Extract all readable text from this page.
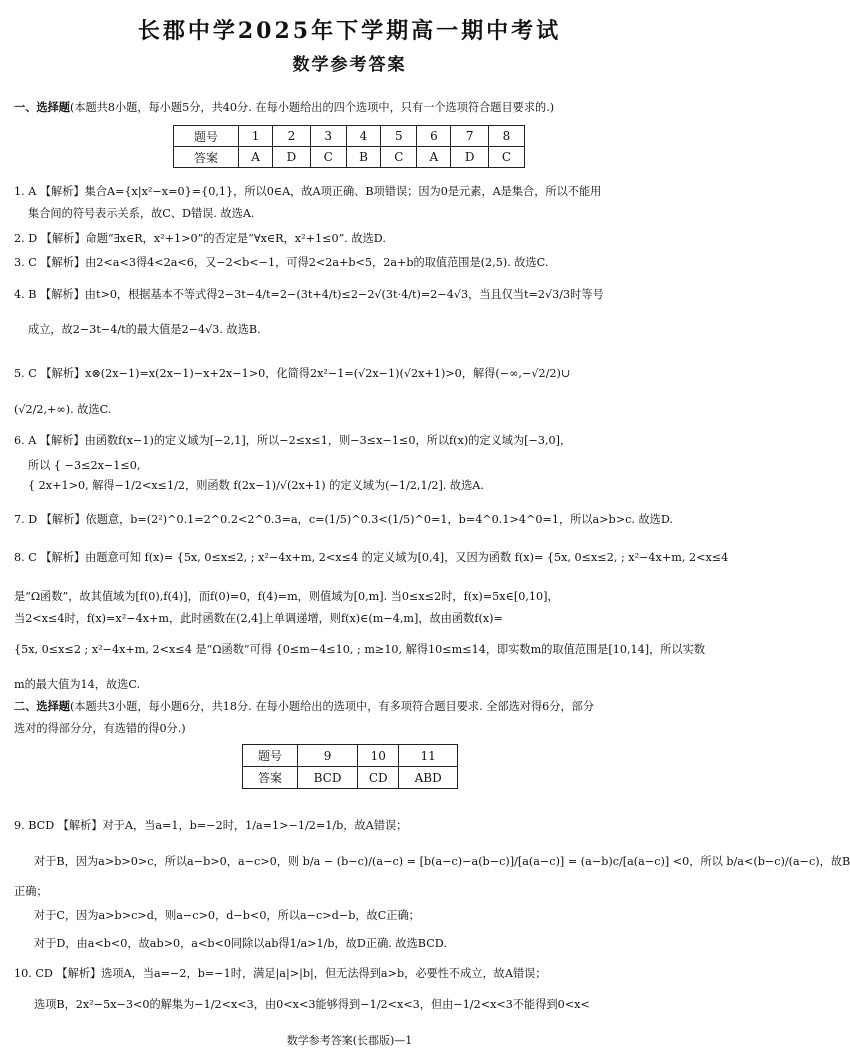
长郡中学2025年下学期高一期中考试
数学参考答案
一、选择题(本题共8小题，每小题5分，共40分. 在每小题给出的四个选项中，只有一个选项符合题目要求的.)
题号	1	2	3	4	5	6	7	8
答案	A	D	C	B	C	A	D	C
1. A 【解析】集合A={x|x²−x=0}={0,1}，所以0∈A，故A项正确、B项错误；因为0是元素，A是集合，所以不能用
集合间的符号表示关系，故C、D错误. 故选A.
2. D 【解析】命题“∃x∈R，x²+1>0”的否定是“∀x∈R，x²+1≤0”. 故选D.
3. C 【解析】由2<a<3得4<2a<6，又−2<b<−1，可得2<2a+b<5，2a+b的取值范围是(2,5). 故选C.
4. B 【解析】由t>0，根据基本不等式得2−3t−4/t=2−(3t+4/t)≤2−2√(3t·4/t)=2−4√3，当且仅当t=2√3/3时等号
成立，故2−3t−4/t的最大值是2−4√3. 故选B.
5. C 【解析】x⊗(2x−1)=x(2x−1)−x+2x−1>0，化简得2x²−1=(√2x−1)(√2x+1)>0，解得(−∞,−√2/2)∪
(√2/2,+∞). 故选C.
6. A 【解析】由函数f(x−1)的定义域为[−2,1]，所以−2≤x≤1，则−3≤x−1≤0，所以f(x)的定义域为[−3,0]，
所以 { −3≤2x−1≤0,
{ 2x+1>0, 解得−1/2<x≤1/2，则函数 f(2x−1)/√(2x+1) 的定义域为(−1/2,1/2]. 故选A.
7. D 【解析】依题意，b=(2²)^0.1=2^0.2<2^0.3=a，c=(1/5)^0.3<(1/5)^0=1，b=4^0.1>4^0=1，所以a>b>c. 故选D.
8. C 【解析】由题意可知 f(x)= {5x, 0≤x≤2, ; x²−4x+m, 2<x≤4 的定义域为[0,4]，又因为函数 f(x)= {5x, 0≤x≤2, ; x²−4x+m, 2<x≤4
是“Ω函数”，故其值域为[f(0),f(4)]，而f(0)=0，f(4)=m，则值域为[0,m]. 当0≤x≤2时，f(x)=5x∈[0,10]，
当2<x≤4时，f(x)=x²−4x+m，此时函数在(2,4]上单调递增，则f(x)∈(m−4,m]，故由函数f(x)=
{5x, 0≤x≤2 ; x²−4x+m, 2<x≤4 是“Ω函数”可得 {0≤m−4≤10, ; m≥10, 解得10≤m≤14，即实数m的取值范围是[10,14]，所以实数
m的最大值为14，故选C.
二、选择题(本题共3小题，每小题6分，共18分. 在每小题给出的选项中，有多项符合题目要求. 全部选对得6分，部分
选对的得部分分，有选错的得0分.)
题号	9	10	11
答案	BCD	CD	ABD
9. BCD 【解析】对于A，当a=1，b=−2时，1/a=1>−1/2=1/b，故A错误；
对于B，因为a>b>0>c，所以a−b>0，a−c>0，则 b/a − (b−c)/(a−c) = [b(a−c)−a(b−c)]/[a(a−c)] = (a−b)c/[a(a−c)] <0，所以 b/a<(b−c)/(a−c)，故B
正确；
对于C，因为a>b>c>d，则a−c>0，d−b<0，所以a−c>d−b，故C正确；
对于D，由a<b<0，故ab>0，a<b<0同除以ab得1/a>1/b，故D正确. 故选BCD.
10. CD 【解析】选项A，当a=−2，b=−1时，满足|a|>|b|，但无法得到a>b，必要性不成立，故A错误；
选项B，2x²−5x−3<0的解集为−1/2<x<3，由0<x<3能够得到−1/2<x<3，但由−1/2<x<3不能得到0<x<
数学参考答案(长郡版)—1
